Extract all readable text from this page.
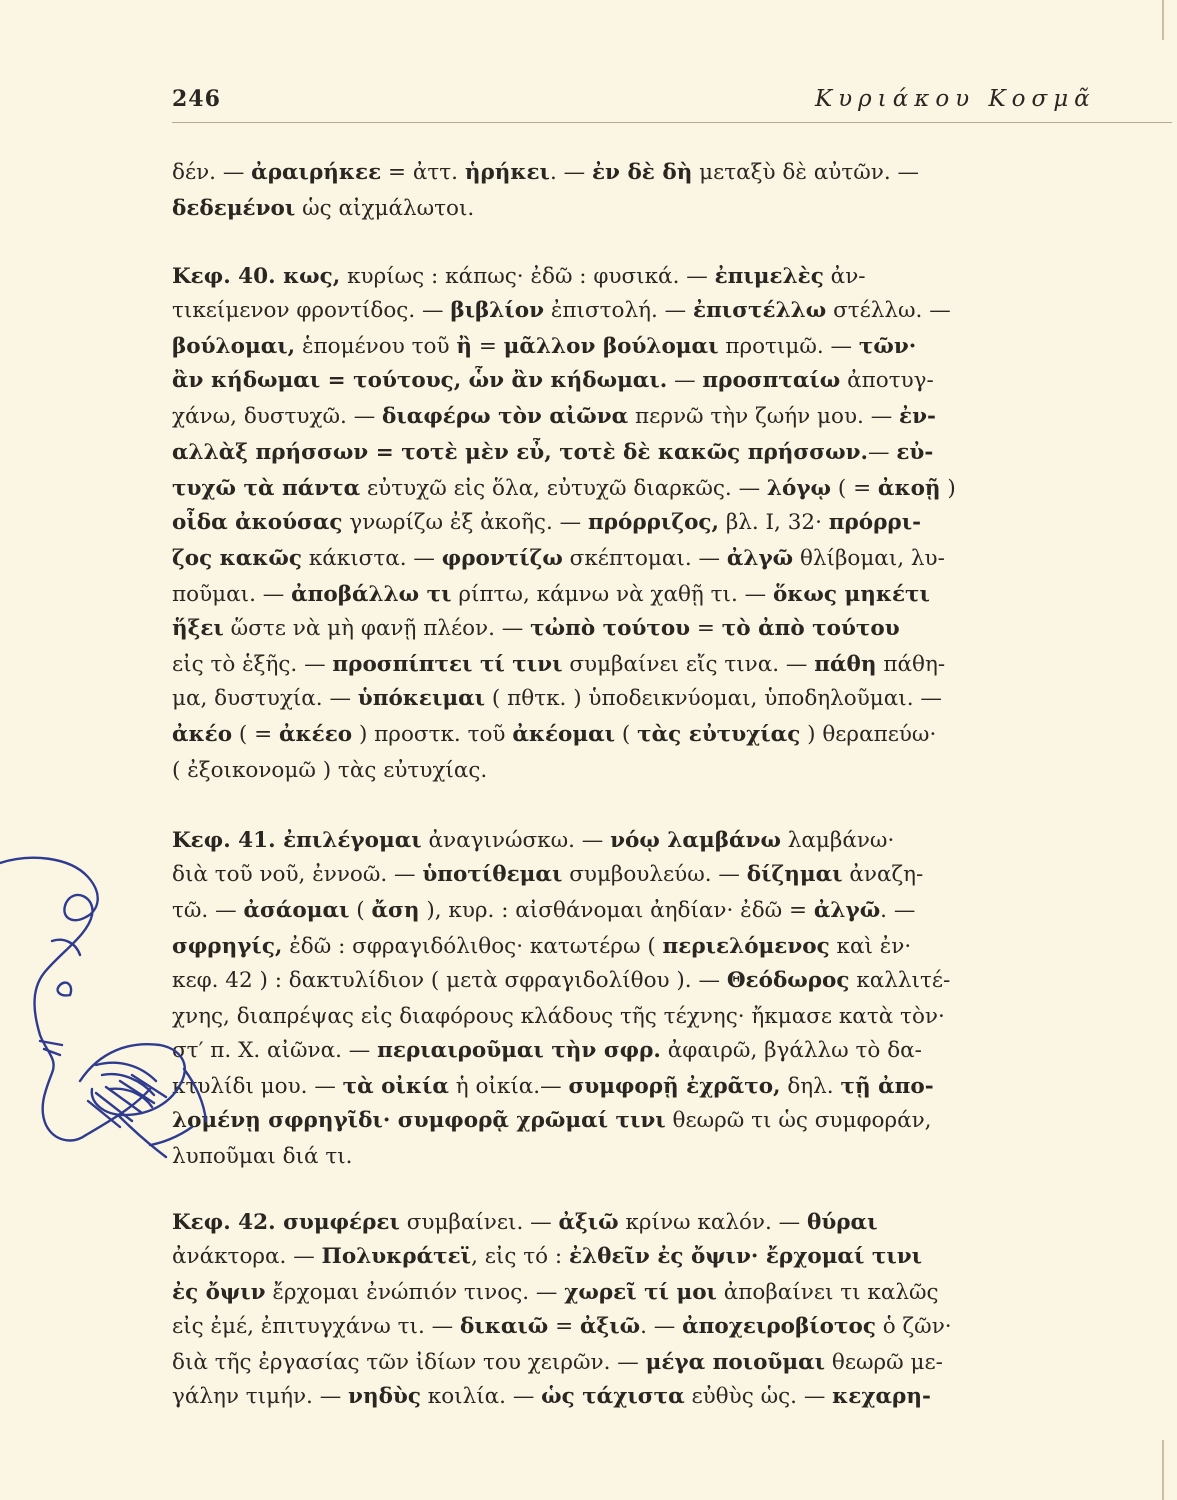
246	Κυριάκου Κοσμᾶ
δέν. — ἀραιρήκεε = ἀττ. ἡρήκει. — ἐν δὲ δὴ μεταξὺ δὲ αὐτῶν. —
δεδεμένοι ὡς αἰχμάλωτοι.
Κεφ. 40. κως, κυρίως : κάπως· ἐδῶ : φυσικά. — ἐπιμελὲς ἀν-
τικείμενον φροντίδος. — βιβλίον ἐπιστολή. — ἐπιστέλλω στέλλω. —
βούλομαι, ἑπομένου τοῦ ἢ = μᾶλλον βούλομαι προτιμῶ. — τῶν·
ἂν κήδωμαι = τούτους, ὧν ἂν κήδωμαι. — προσπταίω ἀποτυγ-
χάνω, δυστυχῶ. — διαφέρω τὸν αἰῶνα περνῶ τὴν ζωήν μου. — ἐν-
αλλὰξ πρήσσων = τοτὲ μὲν εὖ, τοτὲ δὲ κακῶς πρήσσων.— εὐ-
τυχῶ τὰ πάντα εὐτυχῶ εἰς ὅλα, εὐτυχῶ διαρκῶς. — λόγῳ ( = ἀκοῇ )
οἶδα ἀκούσας γνωρίζω ἐξ ἀκοῆς. — πρόρριζος, βλ. Ι, 32· πρόρρι-
ζος κακῶς κάκιστα. — φροντίζω σκέπτομαι. — ἀλγῶ θλίβομαι, λυ-
ποῦμαι. — ἀποβάλλω τι ρίπτω, κάμνω νὰ χαθῇ τι. — ὅκως μηκέτι
ἥξει ὥστε νὰ μὴ φανῇ πλέον. — τὠπὸ τούτου = τὸ ἀπὸ τούτου
εἰς τὸ ἑξῆς. — προσπίπτει τί τινι συμβαίνει εἴς τινα. — πάθη πάθη-
μα, δυστυχία. — ὑπόκειμαι ( πθτκ. ) ὑποδεικνύομαι, ὑποδηλοῦμαι. —
ἀκέο ( = ἀκέεο ) προστκ. τοῦ ἀκέομαι ( τὰς εὐτυχίας ) θεραπεύω·
( ἐξοικονομῶ ) τὰς εὐτυχίας.
Κεφ. 41. ἐπιλέγομαι ἀναγινώσκω. — νόῳ λαμβάνω λαμβάνω·
διὰ τοῦ νοῦ, ἐννοῶ. — ὑποτίθεμαι συμβουλεύω. — δίζημαι ἀναζη-
τῶ. — ἀσάομαι ( ἄση ), κυρ. : αἰσθάνομαι ἀηδίαν· ἐδῶ = ἀλγῶ. —
σφρηγίς, ἐδῶ : σφραγιδόλιθος· κατωτέρω ( περιελόμενος καὶ ἐν·
κεφ. 42 ) : δακτυλίδιον ( μετὰ σφραγιδολίθου ). — Θεόδωρος καλλιτέ-
χνης, διαπρέψας εἰς διαφόρους κλάδους τῆς τέχνης· ἤκμασε κατὰ τὸν·
στ′ π. Χ. αἰῶνα. — περιαιροῦμαι τὴν σφρ. ἀφαιρῶ, βγάλλω τὸ δα-
κτυλίδι μου. — τὰ οἰκία ἡ οἰκία.— συμφορῇ ἐχρᾶτο, δηλ. τῇ ἀπο-
λομένῃ σφρηγῖδι· συμφορᾷ χρῶμαί τινι θεωρῶ τι ὡς συμφοράν,
λυποῦμαι διά τι.
Κεφ. 42. συμφέρει συμβαίνει. — ἀξιῶ κρίνω καλόν. — θύραι
ἀνάκτορα. — Πολυκράτεϊ, εἰς τό : ἐλθεῖν ἐς ὄψιν· ἔρχομαί τινι
ἐς ὄψιν ἔρχομαι ἐνώπιόν τινος. — χωρεῖ τί μοι ἀποβαίνει τι καλῶς
εἰς ἐμέ, ἐπιτυγχάνω τι. — δικαιῶ = ἀξιῶ. — ἀποχειροβίοτος ὁ ζῶν·
διὰ τῆς ἐργασίας τῶν ἰδίων του χειρῶν. — μέγα ποιοῦμαι θεωρῶ με-
γάλην τιμήν. — νηδὺς κοιλία. — ὡς τάχιστα εὐθὺς ὡς. — κεχαρη-
